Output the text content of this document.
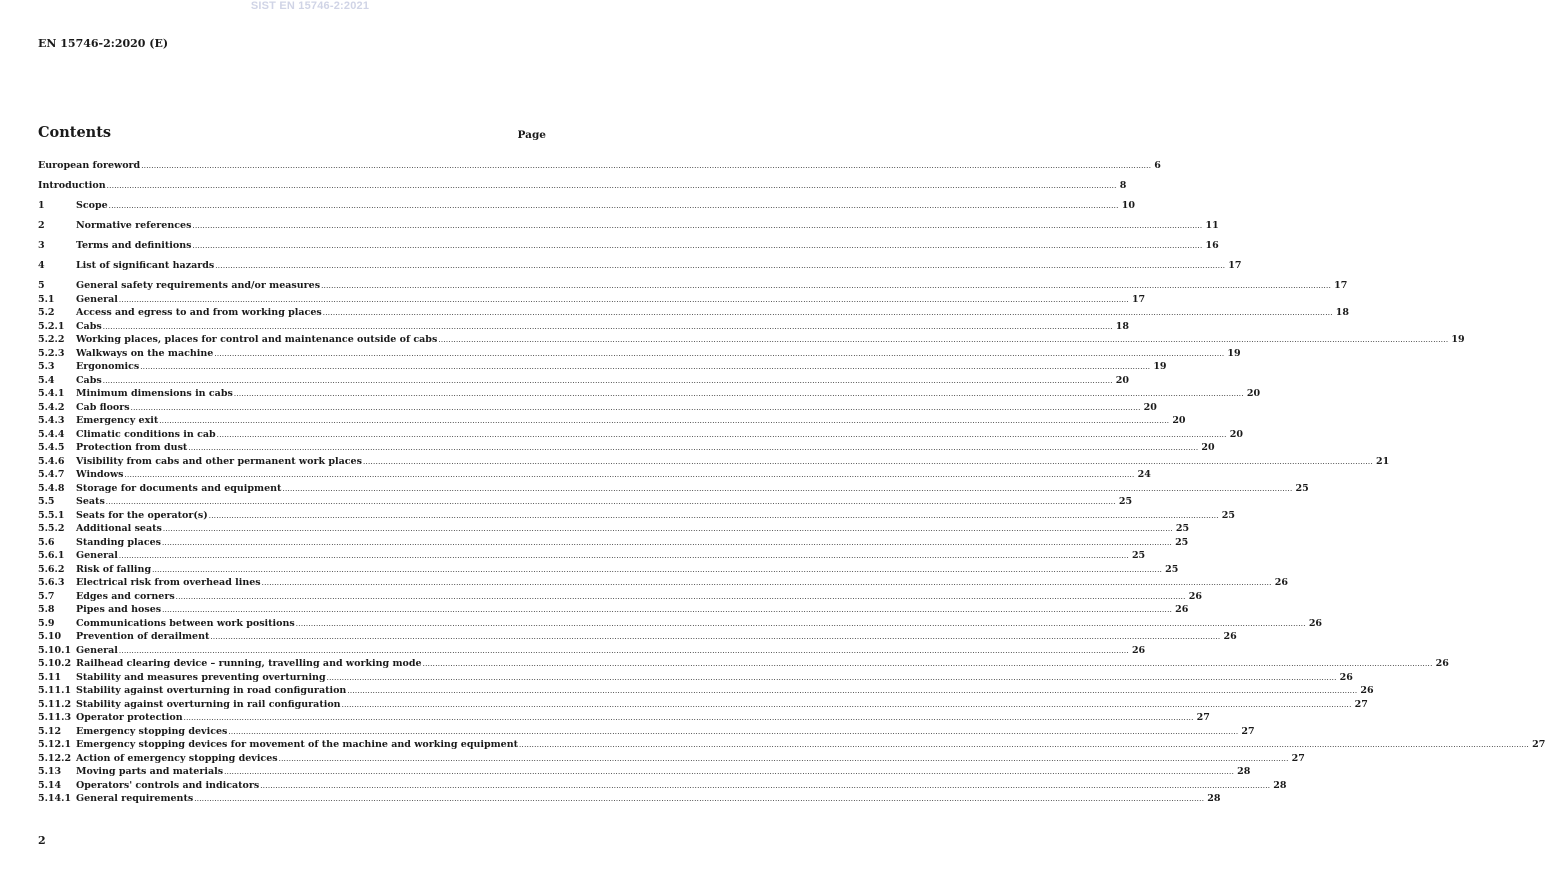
SIST EN 15746-2:2021
EN 15746-2:2020 (E)
Contents	Page
European foreword ................................................................................................................................................................................................................................................................................................................................................................................................................ 6
Introduction ................................................................................................................................................................................................................................................................................................................................................................................................................ 8
1	Scope ................................................................................................................................................................................................................................................................................................................................................................................................................ 10
2	Normative references ................................................................................................................................................................................................................................................................................................................................................................................................................ 11
3	Terms and definitions ................................................................................................................................................................................................................................................................................................................................................................................................................ 16
4	List of significant hazards ................................................................................................................................................................................................................................................................................................................................................................................................................ 17
5	General safety requirements and/or measures ................................................................................................................................................................................................................................................................................................................................................................................................................ 17
5.1	General ................................................................................................................................................................................................................................................................................................................................................................................................................ 17
5.2	Access and egress to and from working places ................................................................................................................................................................................................................................................................................................................................................................................................................ 18
5.2.1	Cabs ................................................................................................................................................................................................................................................................................................................................................................................................................ 18
5.2.2	Working places, places for control and maintenance outside of cabs ................................................................................................................................................................................................................................................................................................................................................................................................................ 19
5.2.3	Walkways on the machine ................................................................................................................................................................................................................................................................................................................................................................................................................ 19
5.3	Ergonomics ................................................................................................................................................................................................................................................................................................................................................................................................................ 19
5.4	Cabs ................................................................................................................................................................................................................................................................................................................................................................................................................ 20
5.4.1	Minimum dimensions in cabs ................................................................................................................................................................................................................................................................................................................................................................................................................ 20
5.4.2	Cab floors ................................................................................................................................................................................................................................................................................................................................................................................................................ 20
5.4.3	Emergency exit ................................................................................................................................................................................................................................................................................................................................................................................................................ 20
5.4.4	Climatic conditions in cab ................................................................................................................................................................................................................................................................................................................................................................................................................ 20
5.4.5	Protection from dust ................................................................................................................................................................................................................................................................................................................................................................................................................ 20
5.4.6	Visibility from cabs and other permanent work places ................................................................................................................................................................................................................................................................................................................................................................................................................ 21
5.4.7	Windows ................................................................................................................................................................................................................................................................................................................................................................................................................ 24
5.4.8	Storage for documents and equipment ................................................................................................................................................................................................................................................................................................................................................................................................................ 25
5.5	Seats ................................................................................................................................................................................................................................................................................................................................................................................................................ 25
5.5.1	Seats for the operator(s) ................................................................................................................................................................................................................................................................................................................................................................................................................ 25
5.5.2	Additional seats ................................................................................................................................................................................................................................................................................................................................................................................................................ 25
5.6	Standing places ................................................................................................................................................................................................................................................................................................................................................................................................................ 25
5.6.1	General ................................................................................................................................................................................................................................................................................................................................................................................................................ 25
5.6.2	Risk of falling ................................................................................................................................................................................................................................................................................................................................................................................................................ 25
5.6.3	Electrical risk from overhead lines ................................................................................................................................................................................................................................................................................................................................................................................................................ 26
5.7	Edges and corners ................................................................................................................................................................................................................................................................................................................................................................................................................ 26
5.8	Pipes and hoses ................................................................................................................................................................................................................................................................................................................................................................................................................ 26
5.9	Communications between work positions ................................................................................................................................................................................................................................................................................................................................................................................................................ 26
5.10	Prevention of derailment ................................................................................................................................................................................................................................................................................................................................................................................................................ 26
5.10.1 General ................................................................................................................................................................................................................................................................................................................................................................................................................ 26
5.10.2 Railhead clearing device – running, travelling and working mode ................................................................................................................................................................................................................................................................................................................................................................................................................ 26
5.11	Stability and measures preventing overturning ................................................................................................................................................................................................................................................................................................................................................................................................................ 26
5.11.1 Stability against overturning in road configuration ................................................................................................................................................................................................................................................................................................................................................................................................................ 26
5.11.2 Stability against overturning in rail configuration ................................................................................................................................................................................................................................................................................................................................................................................................................ 27
5.11.3 Operator protection ................................................................................................................................................................................................................................................................................................................................................................................................................ 27
5.12	Emergency stopping devices ................................................................................................................................................................................................................................................................................................................................................................................................................ 27
5.12.1 Emergency stopping devices for movement of the machine and working equipment ................................................................................................................................................................................................................................................................................................................................................................................................................ 27
5.12.2 Action of emergency stopping devices ................................................................................................................................................................................................................................................................................................................................................................................................................ 27
5.13	Moving parts and materials ................................................................................................................................................................................................................................................................................................................................................................................................................ 28
5.14	Operators' controls and indicators ................................................................................................................................................................................................................................................................................................................................................................................................................ 28
5.14.1 General requirements ................................................................................................................................................................................................................................................................................................................................................................................................................ 28
2
